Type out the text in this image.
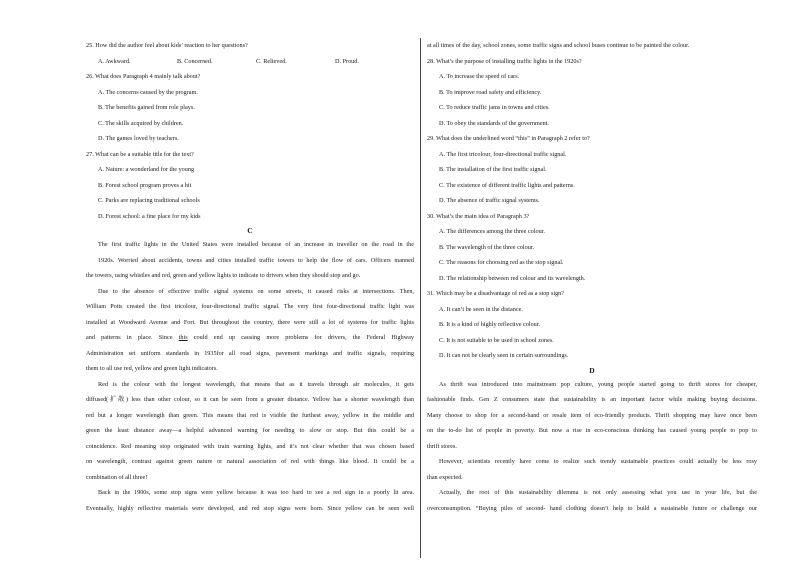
25. How did the author feel about kids’ reaction to her questions?
A. Awkward.	B. Concerned.	C. Relieved.	D. Proud.
26. What does Paragraph 4 mainly talk about?
A. The concerns caused by the program.
B. The benefits gained from role plays.
C. The skills acquired by children.
D. The games loved by teachers.
27. What can be a suitable title for the text?
A. Nature: a wonderland for the young
B. Forest school program proves a hit
C. Parks are replacing traditional schools
D. Forest school: a fine place for my kids
C
The first traffic lights in the United States were installed because of an increase in traveller on the road in the
1920s. Worried about accidents, towns and cities installed traffic towers to help the flow of cars. Officers manned
the towers, using whistles and red, green and yellow lights to indicate to drivers when they should stop and go.
Due to the absence of effective traffic signal systems on some streets, it caused risks at intersections. Then,
William Potts created the first tricolour, four-directional traffic signal. The very first four-directional traffic light was
installed at Woodward Avenue and Fort. But throughout the country, there were still a lot of systems for traffic lights
and patterns in place. Since this could end up causing more problems for drivers, the Federal Highway
Administration set uniform standards in 1935for all road signs, pavement markings and traffic signals, requiring
them to all use red, yellow and green light indicators.
Red is the colour with the longest wavelength, that means that as it travels through air molecules, it gets
diffused(扩散) less than other colour, so it can be seen from a greater distance. Yellow has a shorter wavelength than
red but a longer wavelength than green. This means that red is visible the furthest away, yellow in the middle and
green the least distance away—a helpful advanced warning for needing to slow or stop. But this could be a
coincidence. Red meaning stop originated with train warning lights, and it’s not clear whether that was chosen based
on wavelength, contrast against green nature or natural association of red with things like blood. It could be a
combination of all three!
Back in the 1900s, some stop signs were yellow because it was too hard to see a red sign in a poorly lit area.
Eventually, highly reflective materials were developed, and red stop signs were born. Since yellow can be seen well
at all times of the day, school zones, some traffic signs and school buses continue to be painted the colour.
28. What’s the purpose of installing traffic lights in the 1920s?
A. To increase the speed of cars.
B. To improve road safety and efficiency.
C. To reduce traffic jams in towns and cities.
D. To obey the standards of the government.
29. What does the underlined word “this” in Paragraph 2 refer to?
A. The first tricolour, four-directional traffic signal.
B. The installation of the first traffic signal.
C. The existence of different traffic lights and patterns.
D. The absence of traffic signal systems.
30. What’s the main idea of Paragraph 3?
A. The differences among the three colour.
B. The wavelength of the three colour.
C. The reasons for choosing red as the stop signal.
D. The relationship between red colour and its wavelength.
31. Which may be a disadvantage of red as a stop sign?
A. It can’t be seen in the distance.
B. It is a kind of highly reflective colour.
C. It is not suitable to be used in school zones.
D. It can not be clearly seen in certain surroundings.
D
As thrift was introduced into mainstream pop culture, young people started going to thrift stores for cheaper,
fashionable finds. Gen Z consumers state that sustainability is an important factor while making buying decisions.
Many choose to shop for a second-hand or resale item of eco-friendly products. Thrift shopping may have once been
on the to-do list of people in poverty. But now a rise in eco-conscious thinking has caused young people to pop to
thrift stores.
However, scientists recently have come to realize such trendy sustainable practices could actually be less rosy
than expected.
Actually, the root of this sustainability dilemma is not only assessing what you use in your life, but the
overconsumption. “Buying piles of second- hand clothing doesn’t help to build a sustainable future or challenge our
